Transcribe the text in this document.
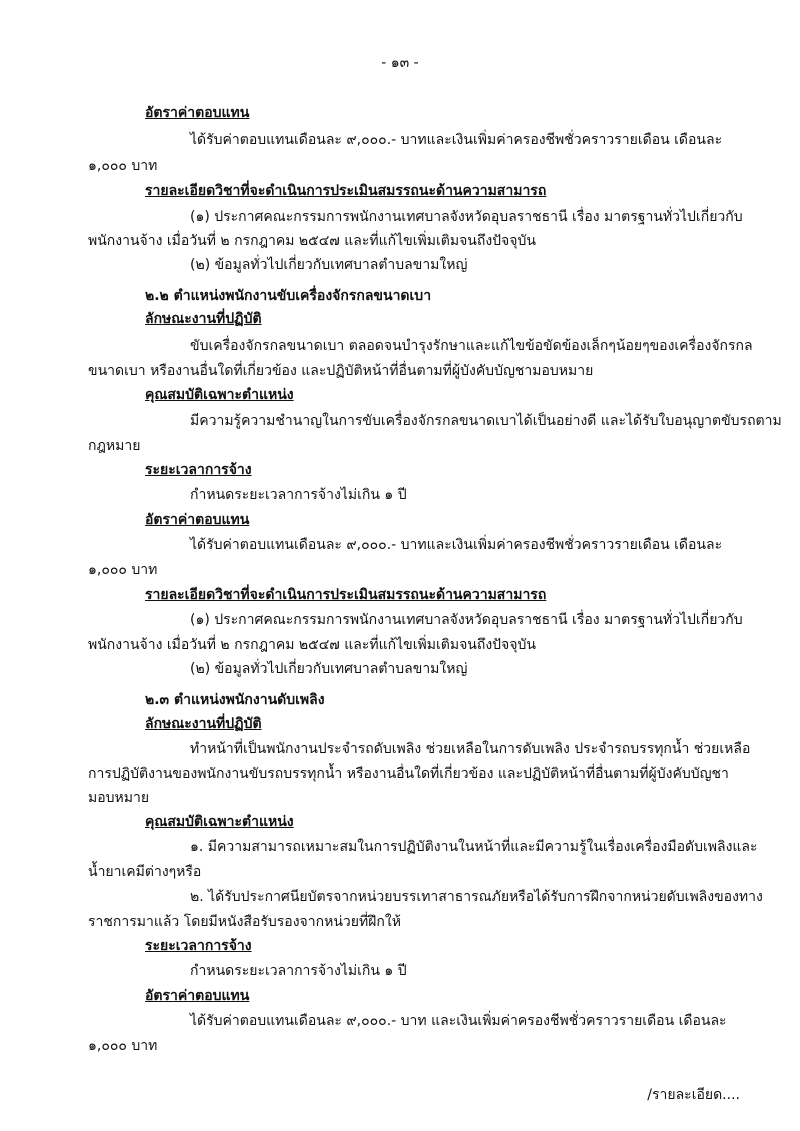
- ๑๓ -
อัตราค่าตอบแทน
ได้รับค่าตอบแทนเดือนละ ๙,๐๐๐.- บาทและเงินเพิ่มค่าครองชีพชั่วคราวรายเดือน เดือนละ
๑,๐๐๐ บาท
รายละเอียดวิชาที่จะดำเนินการประเมินสมรรถนะด้านความสามารถ
(๑) ประกาศคณะกรรมการพนักงานเทศบาลจังหวัดอุบลราชธานี เรื่อง มาตรฐานทั่วไปเกี่ยวกับ
พนักงานจ้าง เมื่อวันที่ ๒ กรกฎาคม ๒๕๔๗ และที่แก้ไขเพิ่มเติมจนถึงปัจจุบัน
(๒) ข้อมูลทั่วไปเกี่ยวกับเทศบาลตำบลขามใหญ่
๒.๒ ตำแหน่งพนักงานขับเครื่องจักรกลขนาดเบา
ลักษณะงานที่ปฏิบัติ
ขับเครื่องจักรกลขนาดเบา ตลอดจนบำรุงรักษาและแก้ไขข้อขัดข้องเล็กๆน้อยๆของเครื่องจักรกล
ขนาดเบา หรืองานอื่นใดที่เกี่ยวข้อง และปฏิบัติหน้าที่อื่นตามที่ผู้บังคับบัญชามอบหมาย
คุณสมบัติเฉพาะตำแหน่ง
มีความรู้ความชำนาญในการขับเครื่องจักรกลขนาดเบาได้เป็นอย่างดี และได้รับใบอนุญาตขับรถตาม
กฎหมาย
ระยะเวลาการจ้าง
กำหนดระยะเวลาการจ้างไม่เกิน ๑ ปี
อัตราค่าตอบแทน
ได้รับค่าตอบแทนเดือนละ ๙,๐๐๐.- บาทและเงินเพิ่มค่าครองชีพชั่วคราวรายเดือน เดือนละ
๑,๐๐๐ บาท
รายละเอียดวิชาที่จะดำเนินการประเมินสมรรถนะด้านความสามารถ
(๑) ประกาศคณะกรรมการพนักงานเทศบาลจังหวัดอุบลราชธานี เรื่อง มาตรฐานทั่วไปเกี่ยวกับ
พนักงานจ้าง เมื่อวันที่ ๒ กรกฎาคม ๒๕๔๗ และที่แก้ไขเพิ่มเติมจนถึงปัจจุบัน
(๒) ข้อมูลทั่วไปเกี่ยวกับเทศบาลตำบลขามใหญ่
๒.๓ ตำแหน่งพนักงานดับเพลิง
ลักษณะงานที่ปฏิบัติ
ทำหน้าที่เป็นพนักงานประจำรถดับเพลิง ช่วยเหลือในการดับเพลิง ประจำรถบรรทุกน้ำ ช่วยเหลือ
การปฏิบัติงานของพนักงานขับรถบรรทุกน้ำ หรืองานอื่นใดที่เกี่ยวข้อง และปฏิบัติหน้าที่อื่นตามที่ผู้บังคับบัญชา
มอบหมาย
คุณสมบัติเฉพาะตำแหน่ง
๑. มีความสามารถเหมาะสมในการปฏิบัติงานในหน้าที่และมีความรู้ในเรื่องเครื่องมือดับเพลิงและ
น้ำยาเคมีต่างๆหรือ
๒. ได้รับประกาศนียบัตรจากหน่วยบรรเทาสาธารณภัยหรือได้รับการฝึกจากหน่วยดับเพลิงของทาง
ราชการมาแล้ว โดยมีหนังสือรับรองจากหน่วยที่ฝึกให้
ระยะเวลาการจ้าง
กำหนดระยะเวลาการจ้างไม่เกิน ๑ ปี
อัตราค่าตอบแทน
ได้รับค่าตอบแทนเดือนละ ๙,๐๐๐.- บาท และเงินเพิ่มค่าครองชีพชั่วคราวรายเดือน เดือนละ
๑,๐๐๐ บาท
/รายละเอียด....
